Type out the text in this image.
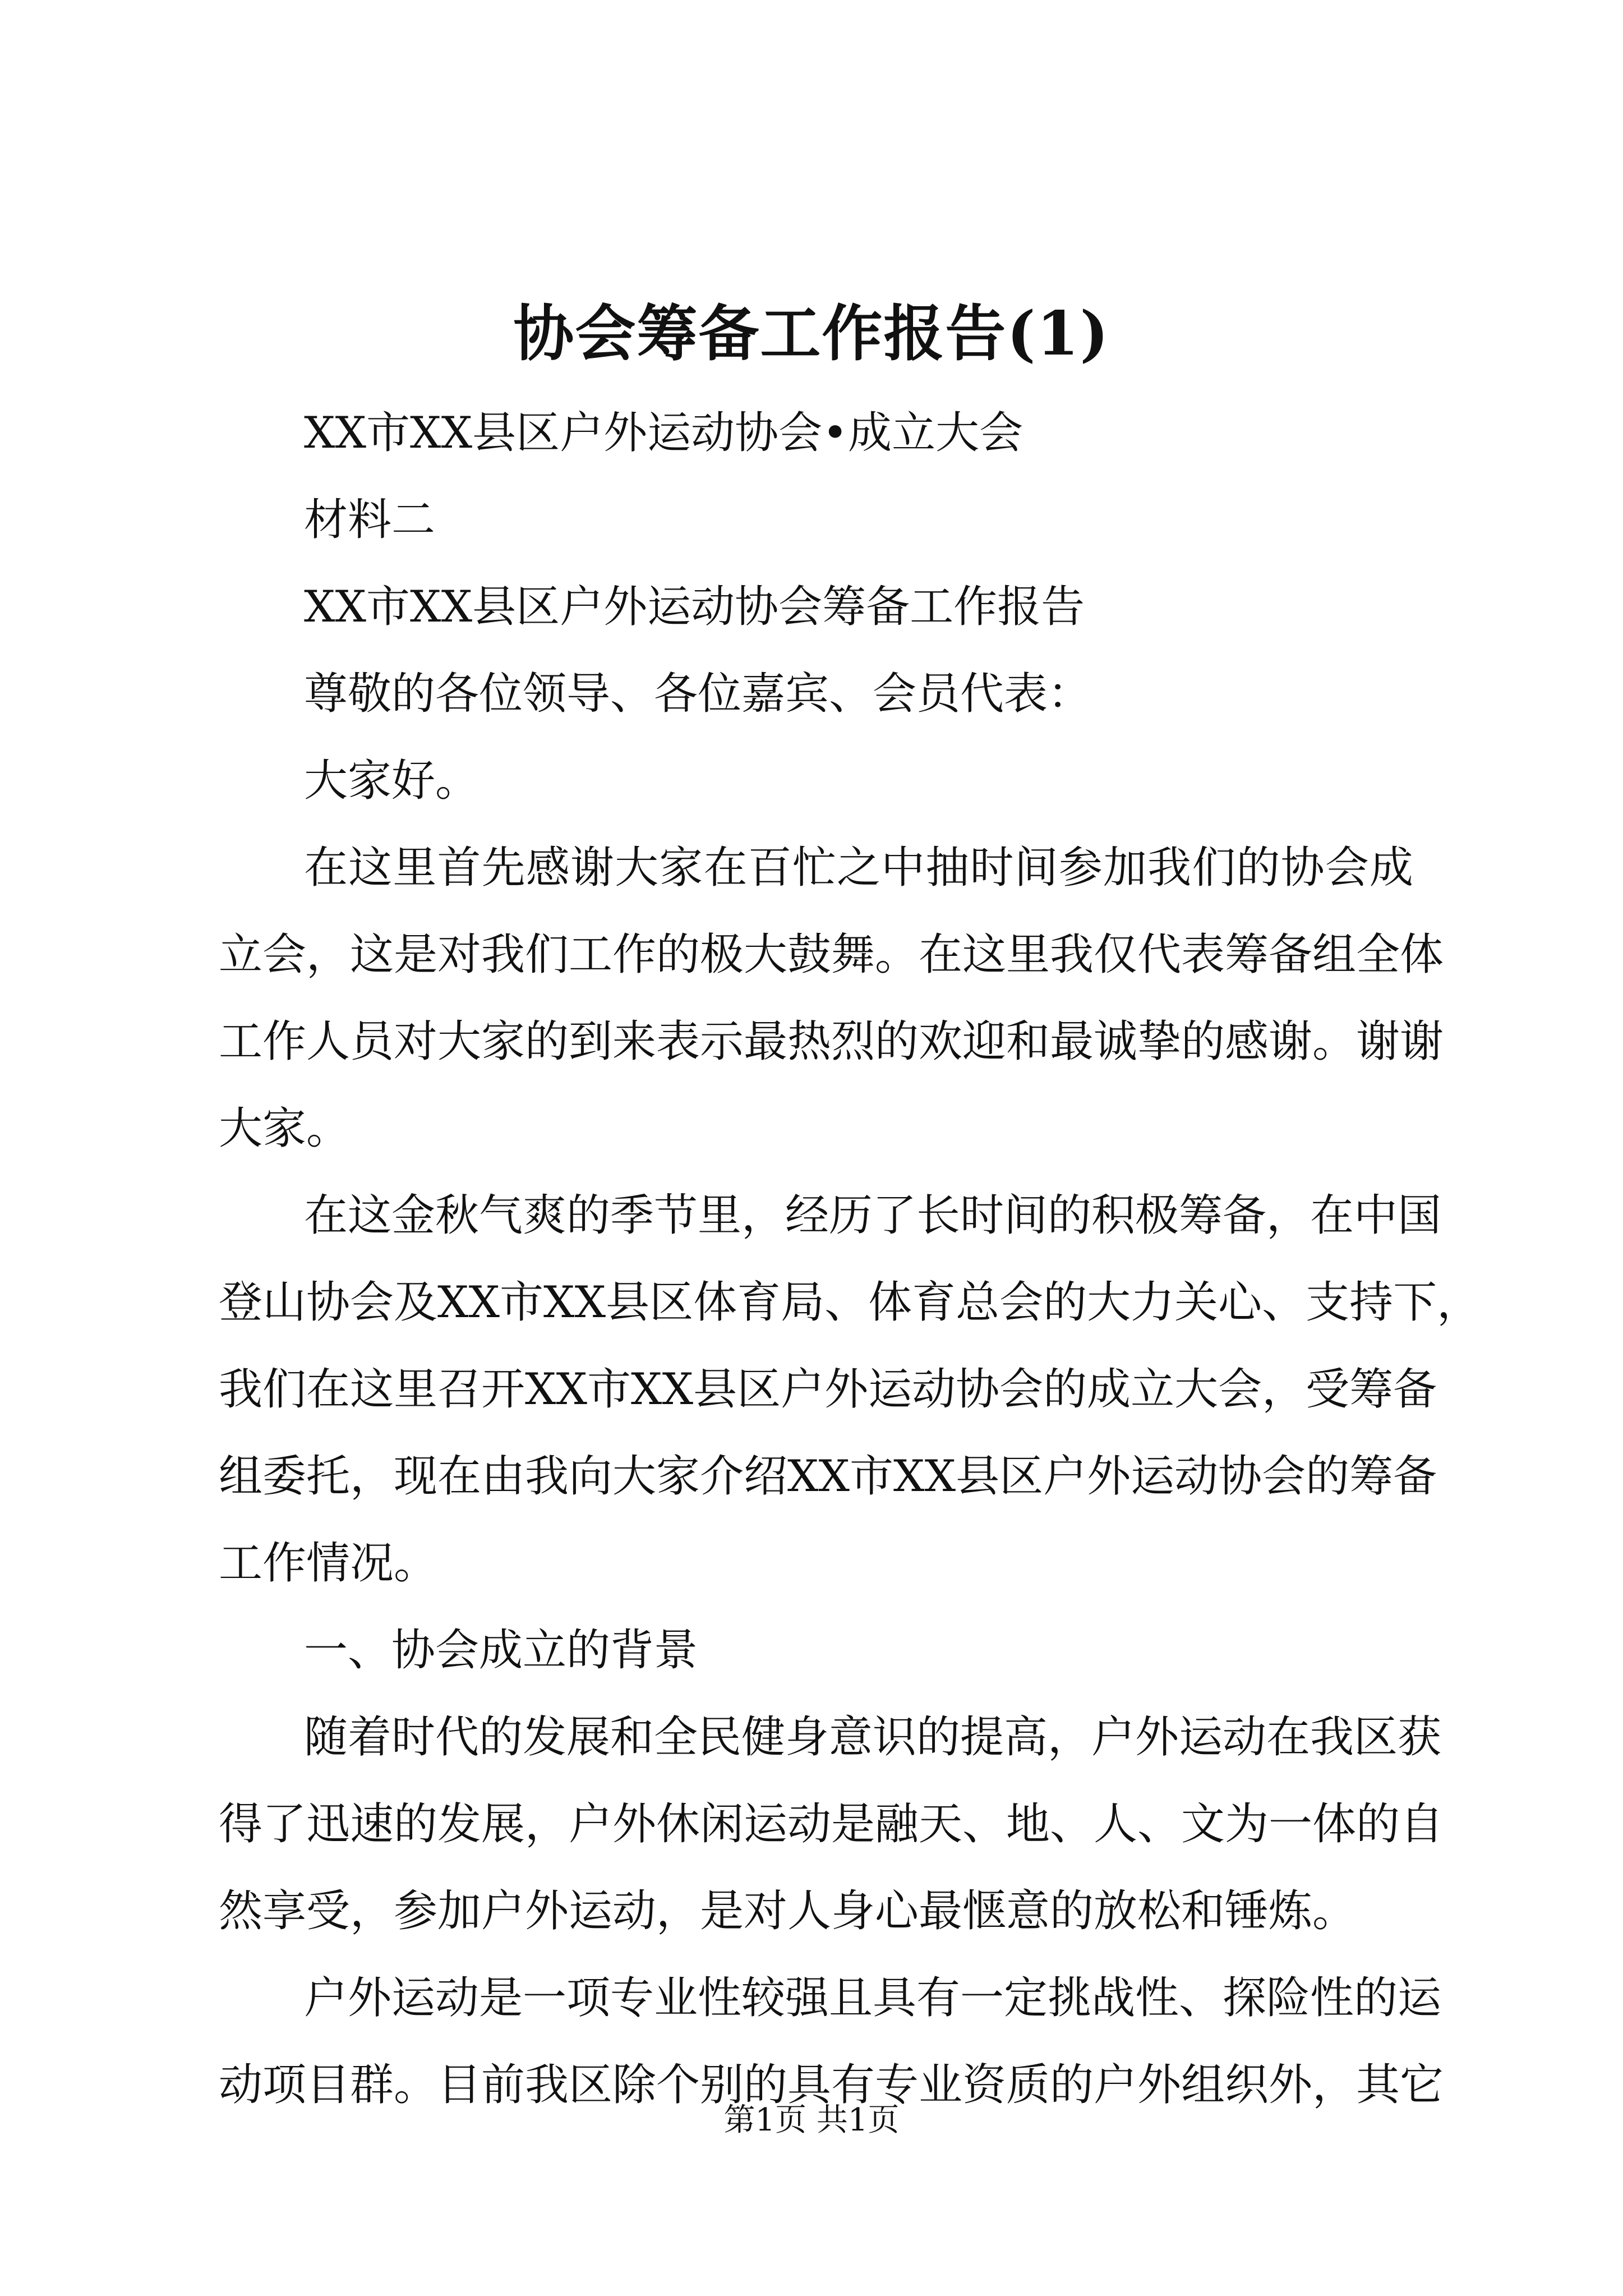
协会筹备工作报告(1)
XX市XX县区户外运动协会•成立大会
材料二
XX市XX县区户外运动协会筹备工作报告
尊敬的各位领导、各位嘉宾、会员代表：
大家好。
在这里首先感谢大家在百忙之中抽时间参加我们的协会成
立会，这是对我们工作的极大鼓舞。在这里我仅代表筹备组全体
工作人员对大家的到来表示最热烈的欢迎和最诚挚的感谢。谢谢
大家。
在这金秋气爽的季节里，经历了长时间的积极筹备，在中国
登山协会及XX市XX县区体育局、体育总会的大力关心、支持下，
我们在这里召开XX市XX县区户外运动协会的成立大会，受筹备
组委托，现在由我向大家介绍XX市XX县区户外运动协会的筹备
工作情况。
一、协会成立的背景
随着时代的发展和全民健身意识的提高，户外运动在我区获
得了迅速的发展，户外休闲运动是融天、地、人、文为一体的自
然享受，参加户外运动，是对人身心最惬意的放松和锤炼。
户外运动是一项专业性较强且具有一定挑战性、探险性的运
动项目群。目前我区除个别的具有专业资质的户外组织外，其它
第1页 共1页
